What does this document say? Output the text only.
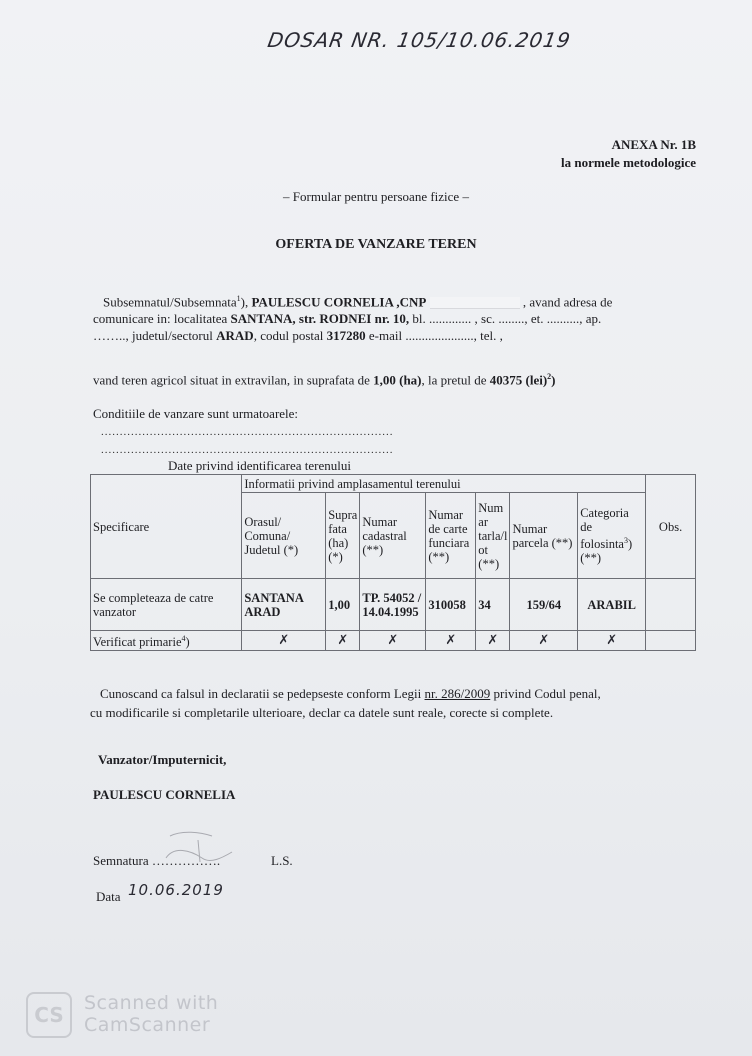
DOSAR NR. 105/10.06.2019
ANEXA Nr. 1B
la normele metodologice
– Formular pentru persoane fizice –
OFERTA DE VANZARE TEREN
Subsemnatul/Subsemnata$^1$), PAULESCU CORNELIA ,CNP	, avand adresa de
comunicare in: localitatea SANTANA, str. RODNEI nr. 10, bl. ............. , sc. ........, et. .........., ap.
…….., judetul/sectorul ARAD, codul postal 317280 e-mail ....................., tel. ,
vand teren agricol situat in extravilan, in suprafata de 1,00 (ha), la pretul de 40375 (lei)$^2$)
Conditiile de vanzare sunt urmatoarele:
..............................................................................
..............................................................................
Date privind identificarea terenului
Specificare	Informatii privind amplasamentul terenului							Obs.
	Orasul/ Comuna/ Judetul (*)	Supra fata (ha) (*)	Numar cadastral (**)	Numar de carte funciara (**)	Num ar tarla/l ot (**)	Numar parcela (**)	Categoria de folosinta$^3$) (**)	
Se completeaza de catre vanzator	SANTANA ARAD	1,00	TP. 54052 / 14.04.1995	310058	34	159/64	ARABIL	
Verificat primarie$^4$)	✗	✗	✗	✗	✗	✗	✗	
Cunoscand ca falsul in declaratii se pedepseste conform Legii nr. 286/2009 privind Codul penal,
cu modificarile si completarile ulterioare, declar ca datele sunt reale, corecte si complete.
Vanzator/Imputernicit,
PAULESCU CORNELIA
Semnatura …………….	L.S.
Data 10.06.2019
CS	Scanned with
CamScanner
